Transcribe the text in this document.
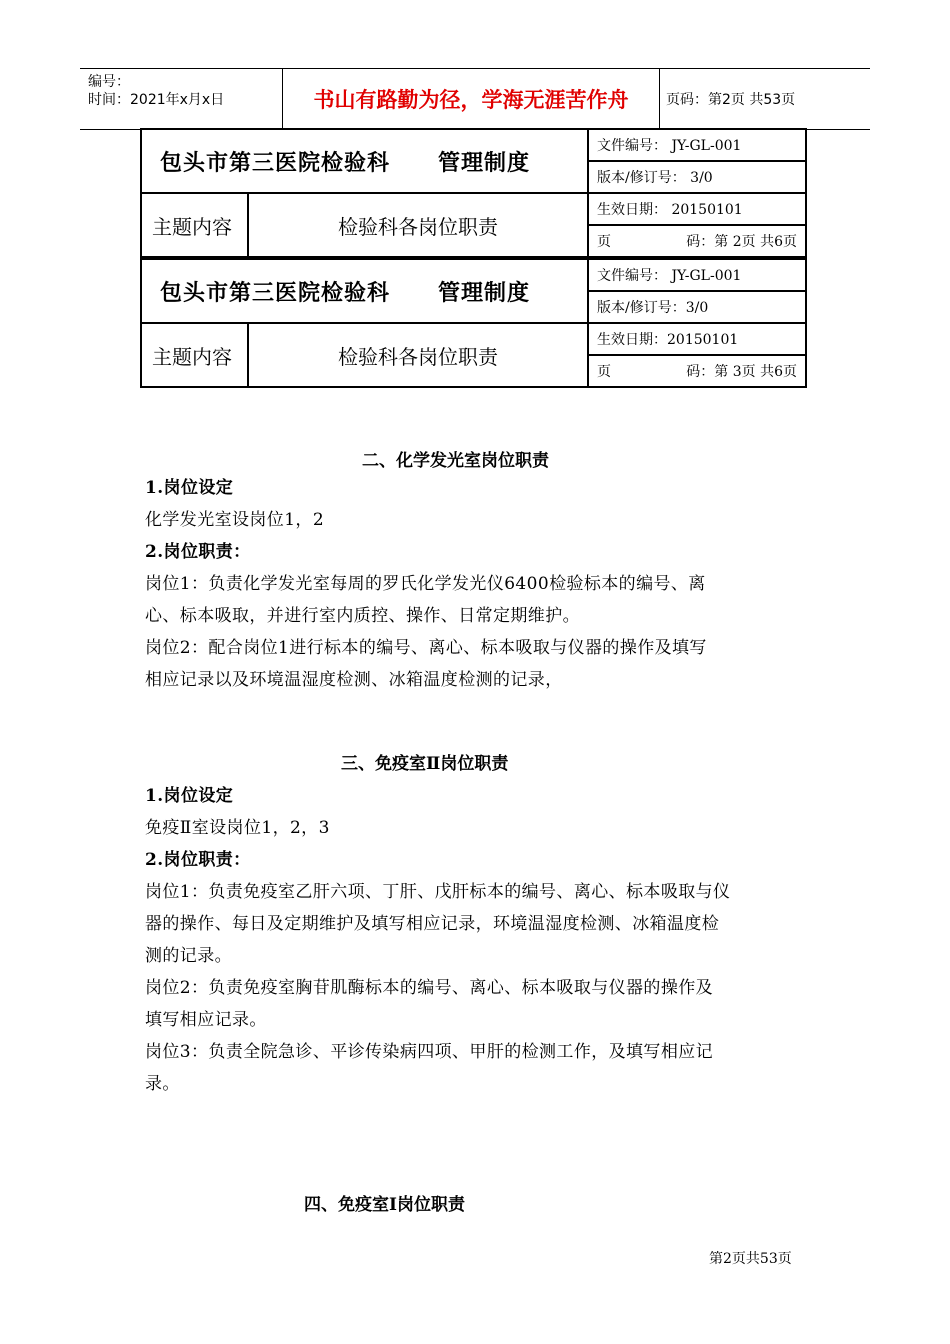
编号：
时间：2021年x月x日	书山有路勤为径，学海无涯苦作舟	页码：第2页 共53页
包头市第三医院检验科 管理制度		文件编号： JY-GL-001
		版本/修订号： 3/0
主题内容	检验科各岗位职责	生效日期： 20150101

		页 码：第 2页 共6页
包头市第三医院检验科 管理制度		文件编号： JY-GL-001
		版本/修订号：3/0
主题内容	检验科各岗位职责	生效日期：20150101

		页 码：第 3页 共6页
二、化学发光室岗位职责
1.岗位设定
化学发光室设岗位1，2
2.岗位职责：
岗位1：负责化学发光室每周的罗氏化学发光仪6400检验标本的编号、离
心、标本吸取，并进行室内质控、操作、日常定期维护。
岗位2：配合岗位1进行标本的编号、离心、标本吸取与仪器的操作及填写
相应记录以及环境温湿度检测、冰箱温度检测的记录，
三、免疫室Ⅱ岗位职责
1.岗位设定
免疫Ⅱ室设岗位1，2，3
2.岗位职责：
岗位1：负责免疫室乙肝六项、丁肝、戊肝标本的编号、离心、标本吸取与仪
器的操作、每日及定期维护及填写相应记录，环境温湿度检测、冰箱温度检
测的记录。
岗位2：负责免疫室胸苷肌酶标本的编号、离心、标本吸取与仪器的操作及
填写相应记录。
岗位3：负责全院急诊、平诊传染病四项、甲肝的检测工作，及填写相应记
录。
四、免疫室Ⅰ岗位职责
第2页共53页
